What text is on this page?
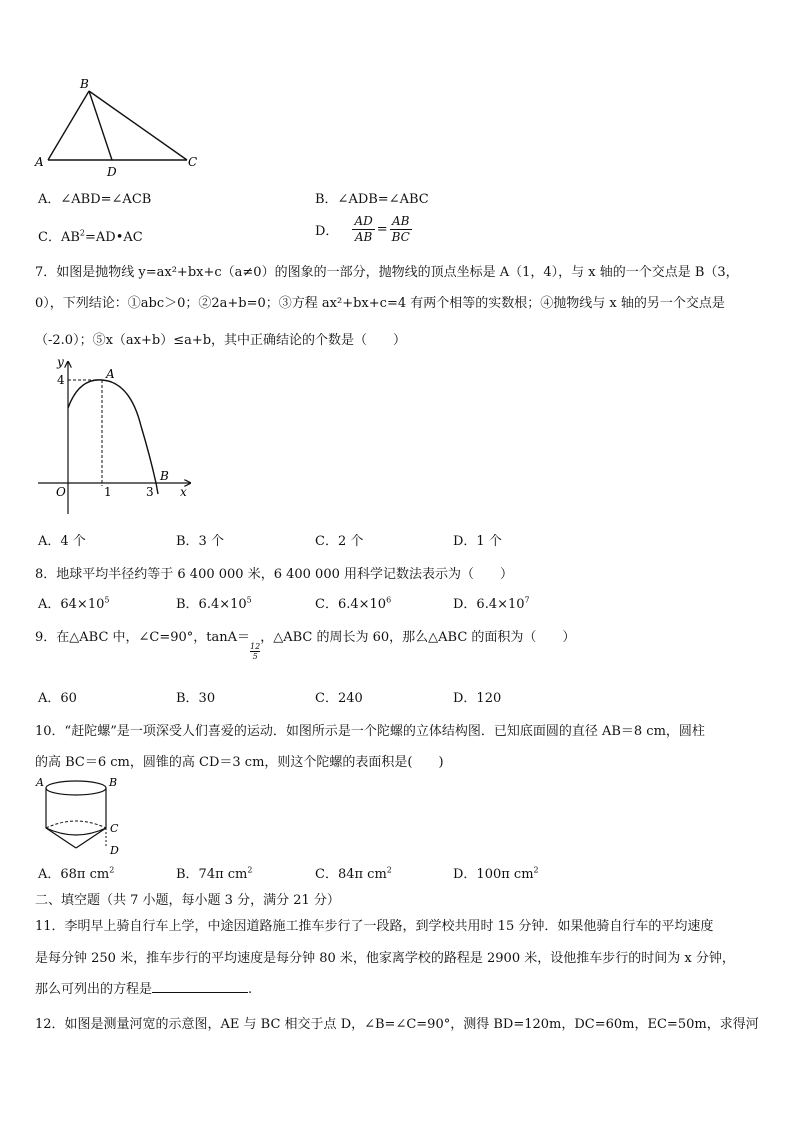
B
A
D
C
A．∠ABD=∠ACB	B．∠ADB=∠ABC
C．$AB^2=AD•AC$	D． $\frac{AD}{AB} = \frac{AB}{BC}$
7．如图是抛物线 y=ax²+bx+c（a≠0）的图象的一部分，抛物线的顶点坐标是 A（1，4），与 x 轴的一个交点是 B（3，
0），下列结论：①abc＞0；②2a+b=0；③方程 ax²+bx+c=4 有两个相等的实数根；④抛物线与 x 轴的另一个交点是
（-2.0）；⑤x（ax+b）≤a+b，其中正确结论的个数是（　　）
y
4	A
B
O	1	3 x
A．4 个	B．3 个	C．2 个	D．1 个
8．地球平均半径约等于 6 400 000 米，6 400 000 用科学记数法表示为（　　）
A．$64\times 10^5$	B．$6.4\times 10^5$	C．$6.4\times 10^6$	D．$6.4\times 10^7$
9．在△ABC 中，∠C=90°，tanA＝
$\frac{12}{5}$
，△ABC 的周长为 60，那么△ABC 的面积为（　　）
A．60	B．30	C．240	D．120
10．“赶陀螺”是一项深受人们喜爱的运动．如图所示是一个陀螺的立体结构图．已知底面圆的直径 AB＝8 cm，圆柱
的高 BC＝6 cm，圆锥的高 CD＝3 cm，则这个陀螺的表面积是(　　)
A	B
C
D
A．68π $cm^2$	B．74π $cm^2$	C．84π $cm^2$	D．100π $cm^2$
二、填空题（共 7 小题，每小题 3 分，满分 21 分）
11．李明早上骑自行车上学，中途因道路施工推车步行了一段路，到学校共用时 15 分钟．如果他骑自行车的平均速度
是每分钟 250 米，推车步行的平均速度是每分钟 80 米，他家离学校的路程是 2900 米，设他推车步行的时间为 x 分钟，
那么可列出的方程是	.
12．如图是测量河宽的示意图，AE 与 BC 相交于点 D，∠B=∠C=90°，测得 BD=120m，DC=60m，EC=50m，求得河
